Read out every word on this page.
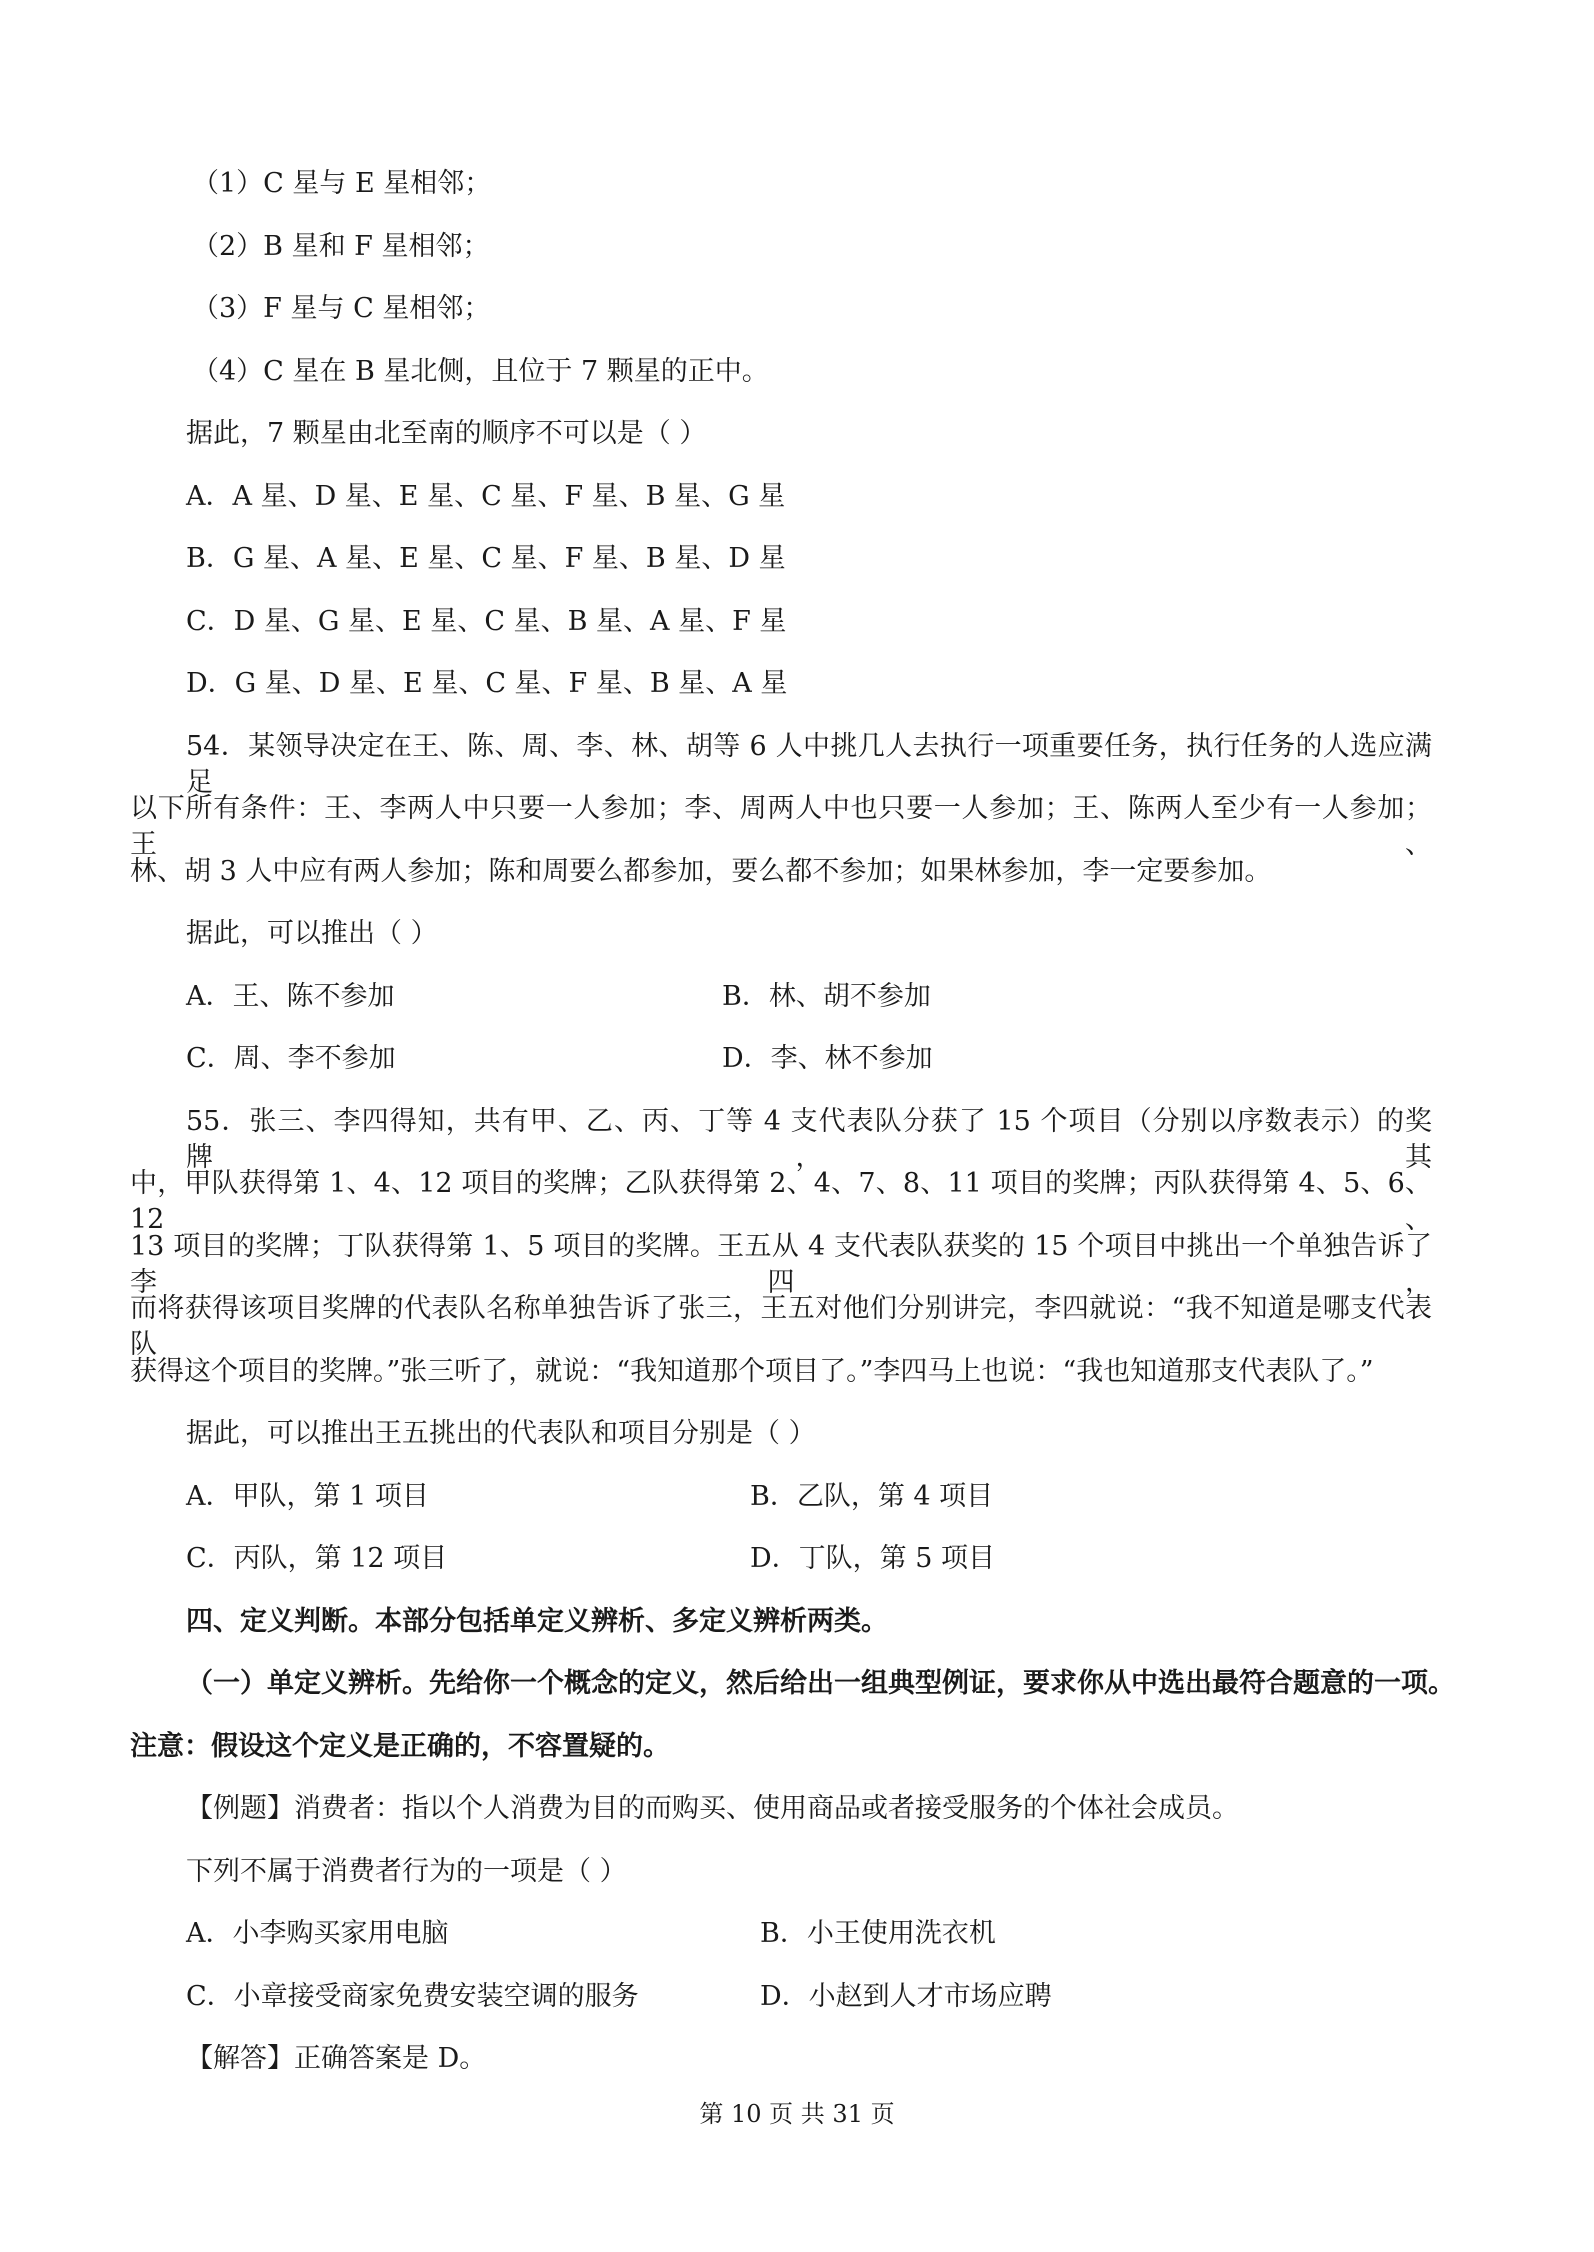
（1）C 星与 E 星相邻；
（2）B 星和 F 星相邻；
（3）F 星与 C 星相邻；
（4）C 星在 B 星北侧，且位于 7 颗星的正中。
据此，7 颗星由北至南的顺序不可以是（ ）
A．A 星、D 星、E 星、C 星、F 星、B 星、G 星
B．G 星、A 星、E 星、C 星、F 星、B 星、D 星
C．D 星、G 星、E 星、C 星、B 星、A 星、F 星
D．G 星、D 星、E 星、C 星、F 星、B 星、A 星
54．某领导决定在王、陈、周、李、林、胡等 6 人中挑几人去执行一项重要任务，执行任务的人选应满足
以下所有条件：王、李两人中只要一人参加；李、周两人中也只要一人参加；王、陈两人至少有一人参加；王、
林、胡 3 人中应有两人参加；陈和周要么都参加，要么都不参加；如果林参加，李一定要参加。
据此，可以推出（ ）
A．王、陈不参加	B．林、胡不参加
C．周、李不参加	D．李、林不参加
55．张三、李四得知，共有甲、乙、丙、丁等 4 支代表队分获了 15 个项目（分别以序数表示）的奖牌，其
中，甲队获得第 1、4、12 项目的奖牌；乙队获得第 2、4、7、8、11 项目的奖牌；丙队获得第 4、5、6、12、
13 项目的奖牌；丁队获得第 1、5 项目的奖牌。王五从 4 支代表队获奖的 15 个项目中挑出一个单独告诉了李四，
而将获得该项目奖牌的代表队名称单独告诉了张三，王五对他们分别讲完，李四就说：“我不知道是哪支代表队
获得这个项目的奖牌。”张三听了，就说：“我知道那个项目了。”李四马上也说：“我也知道那支代表队了。”
据此，可以推出王五挑出的代表队和项目分别是（ ）
A．甲队，第 1 项目	B．乙队，第 4 项目
C．丙队，第 12 项目	D．丁队，第 5 项目
四、定义判断。本部分包括单定义辨析、多定义辨析两类。
（一）单定义辨析。先给你一个概念的定义，然后给出一组典型例证，要求你从中选出最符合题意的一项。
注意：假设这个定义是正确的，不容置疑的。
【例题】消费者：指以个人消费为目的而购买、使用商品或者接受服务的个体社会成员。
下列不属于消费者行为的一项是（ ）
A．小李购买家用电脑	B．小王使用洗衣机
C．小章接受商家免费安装空调的服务	D．小赵到人才市场应聘
【解答】正确答案是 D。
第 10 页 共 31 页
